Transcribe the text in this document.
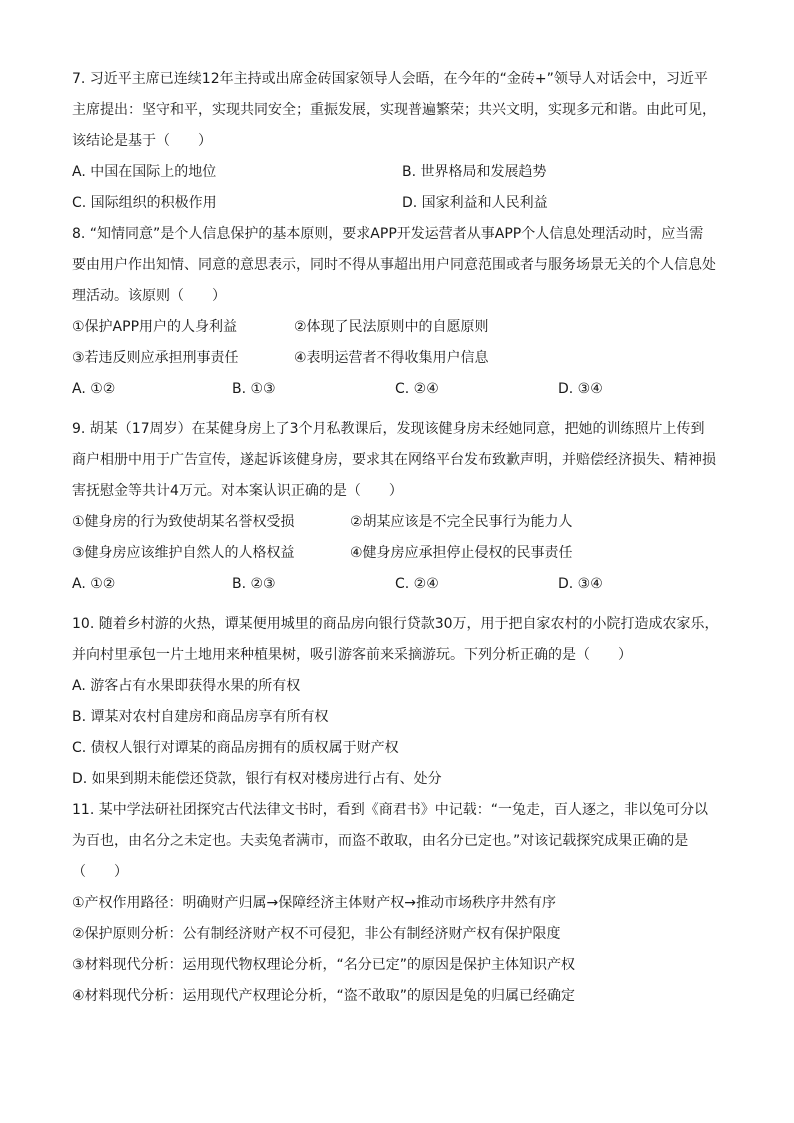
7. 习近平主席已连续12年主持或出席金砖国家领导人会晤，在今年的“金砖+”领导人对话会中，习近平

主席提出：坚守和平，实现共同安全；重振发展，实现普遍繁荣；共兴文明，实现多元和谐。由此可见，

该结论是基于（　　）

A. 中国在国际上的地位	B. 世界格局和发展趋势
C. 国际组织的积极作用	D. 国家利益和人民利益

8. “知情同意”是个人信息保护的基本原则，要求APP开发运营者从事APP个人信息处理活动时，应当需

要由用户作出知情、同意的意思表示，同时不得从事超出用户同意范围或者与服务场景无关的个人信息处

理活动。该原则（　　）

①保护APP用户的人身利益	②体现了民法原则中的自愿原则
③若违反则应承担刑事责任	④表明运营者不得收集用户信息
A. ①②	B. ①③	C. ②④	D. ③④

9. 胡某（17周岁）在某健身房上了3个月私教课后，发现该健身房未经她同意，把她的训练照片上传到

商户相册中用于广告宣传，遂起诉该健身房，要求其在网络平台发布致歉声明，并赔偿经济损失、精神损

害抚慰金等共计4万元。对本案认识正确的是（　　）

①健身房的行为致使胡某名誉权受损	②胡某应该是不完全民事行为能力人
③健身房应该维护自然人的人格权益	④健身房应承担停止侵权的民事责任
A. ①②	B. ②③	C. ②④	D. ③④

10. 随着乡村游的火热，谭某便用城里的商品房向银行贷款30万，用于把自家农村的小院打造成农家乐，

并向村里承包一片土地用来种植果树，吸引游客前来采摘游玩。下列分析正确的是（　　）

A. 游客占有水果即获得水果的所有权

B. 谭某对农村自建房和商品房享有所有权

C. 债权人银行对谭某的商品房拥有的质权属于财产权

D. 如果到期未能偿还贷款，银行有权对楼房进行占有、处分

11. 某中学法研社团探究古代法律文书时，看到《商君书》中记载：“一兔走，百人逐之，非以兔可分以

为百也，由名分之未定也。夫卖兔者满市，而盗不敢取，由名分已定也。”对该记载探究成果正确的是

（　　）

①产权作用路径：明确财产归属→保障经济主体财产权→推动市场秩序井然有序

②保护原则分析：公有制经济财产权不可侵犯，非公有制经济财产权有保护限度

③材料现代分析：运用现代物权理论分析，“名分已定”的原因是保护主体知识产权

④材料现代分析：运用现代产权理论分析，“盗不敢取”的原因是兔的归属已经确定
